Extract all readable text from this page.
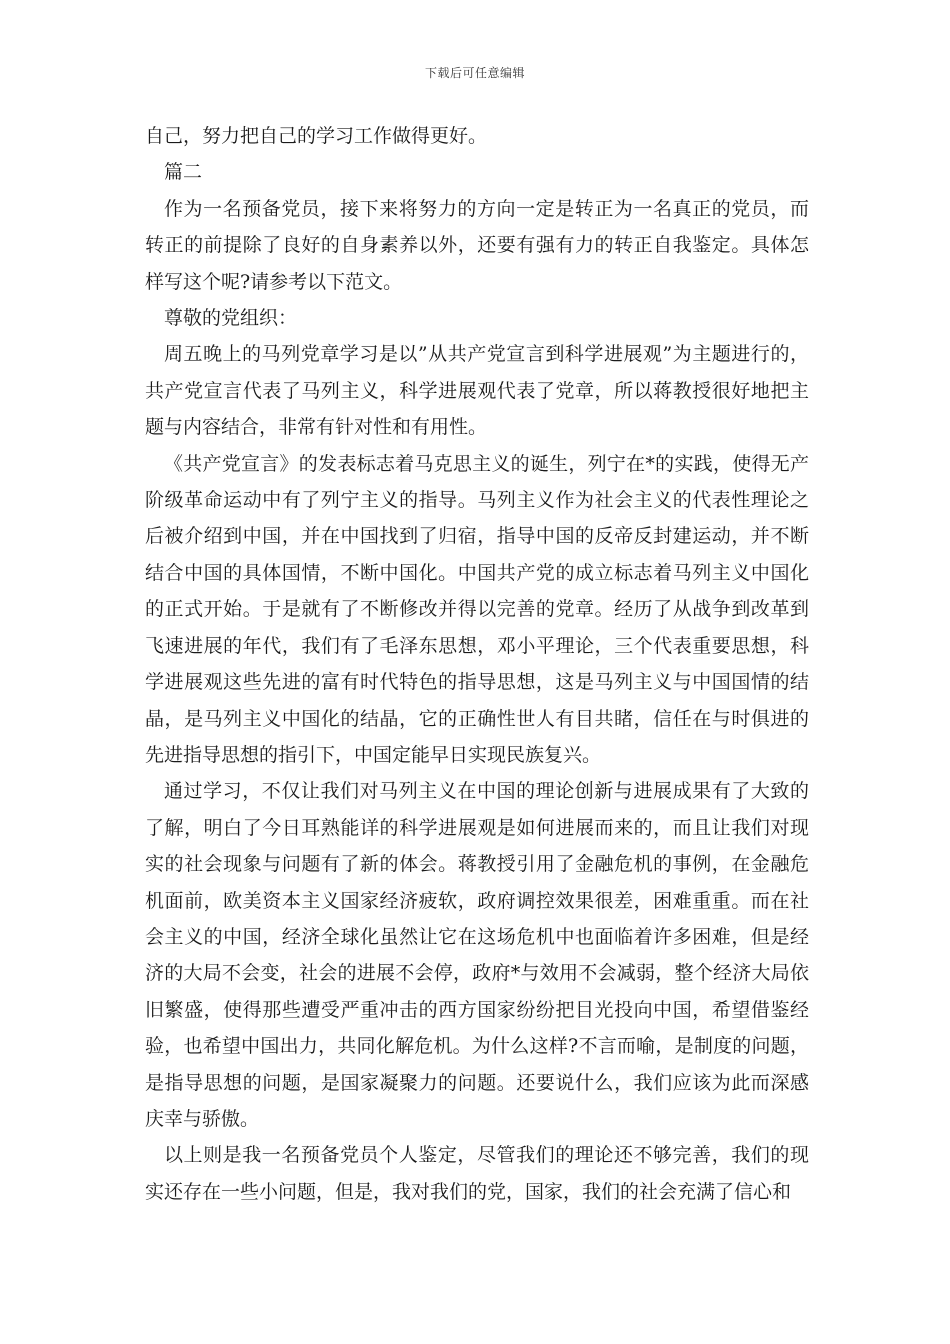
下载后可任意编辑

自己，努力把自己的学习工作做得更好。

篇二

作为一名预备党员，接下来将努力的方向一定是转正为一名真正的党员，而转正的前提除了良好的自身素养以外，还要有强有力的转正自我鉴定。具体怎样写这个呢?请参考以下范文。

尊敬的党组织：

周五晚上的马列党章学习是以”从共产党宣言到科学进展观”为主题进行的，共产党宣言代表了马列主义，科学进展观代表了党章，所以蒋教授很好地把主题与内容结合，非常有针对性和有用性。

《共产党宣言》的发表标志着马克思主义的诞生，列宁在*的实践，使得无产阶级革命运动中有了列宁主义的指导。马列主义作为社会主义的代表性理论之后被介绍到中国，并在中国找到了归宿，指导中国的反帝反封建运动，并不断结合中国的具体国情，不断中国化。中国共产党的成立标志着马列主义中国化的正式开始。于是就有了不断修改并得以完善的党章。经历了从战争到改革到飞速进展的年代，我们有了毛泽东思想，邓小平理论，三个代表重要思想，科学进展观这些先进的富有时代特色的指导思想，这是马列主义与中国国情的结晶，是马列主义中国化的结晶，它的正确性世人有目共睹，信任在与时俱进的先进指导思想的指引下，中国定能早日实现民族复兴。

通过学习，不仅让我们对马列主义在中国的理论创新与进展成果有了大致的了解，明白了今日耳熟能详的科学进展观是如何进展而来的，而且让我们对现实的社会现象与问题有了新的体会。蒋教授引用了金融危机的事例，在金融危机面前，欧美资本主义国家经济疲软，政府调控效果很差，困难重重。而在社会主义的中国，经济全球化虽然让它在这场危机中也面临着许多困难，但是经济的大局不会变，社会的进展不会停，政府*与效用不会减弱，整个经济大局依旧繁盛，使得那些遭受严重冲击的西方国家纷纷把目光投向中国，希望借鉴经验，也希望中国出力，共同化解危机。为什么这样?不言而喻，是制度的问题，是指导思想的问题，是国家凝聚力的问题。还要说什么，我们应该为此而深感庆幸与骄傲。

以上则是我一名预备党员个人鉴定，尽管我们的理论还不够完善，我们的现实还存在一些小问题，但是，我对我们的党，国家，我们的社会充满了信心和
